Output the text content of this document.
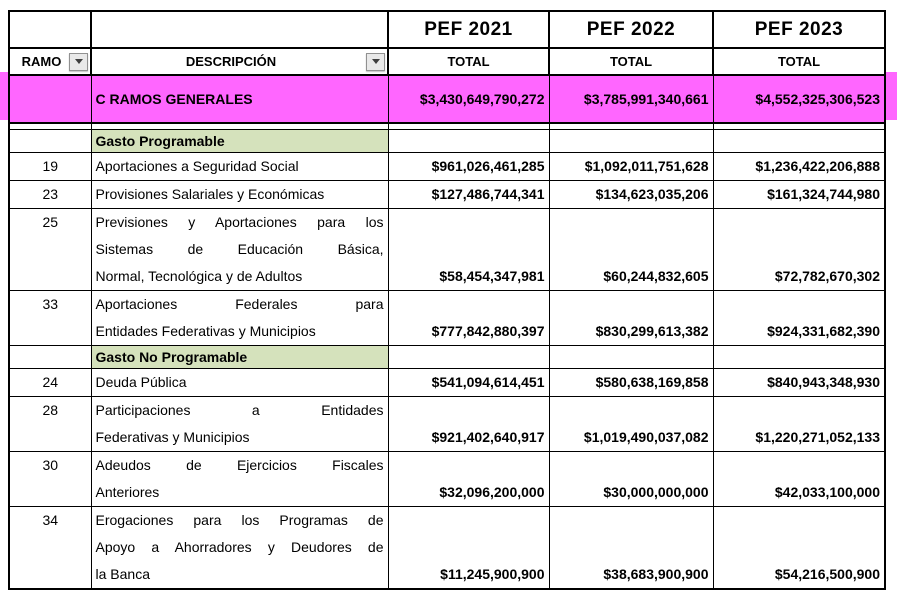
		PEF 2021	PEF 2022	PEF 2023

RAMO	DESCRIPCIÓN	TOTAL	TOTAL	TOTAL

	C RAMOS GENERALES	$3,430,649,790,272	$3,785,991,340,661	$4,552,325,306,523

	Gasto Programable			

19	Aportaciones a Seguridad Social	$961,026,461,285	$1,092,011,751,628	$1,236,422,206,888
23	Provisiones Salariales y Económicas	$127,486,744,341	$134,623,035,206	$161,324,744,980
25	Previsiones y Aportaciones para los
Sistemas de Educación Básica,
Normal, Tecnológica y de Adultos	$58,454,347,981	$60,244,832,605	$72,782,670,302
33	Aportaciones Federales para
Entidades Federativas y Municipios	$777,842,880,397	$830,299,613,382	$924,331,682,390

	Gasto No Programable			

24	Deuda Pública	$541,094,614,451	$580,638,169,858	$840,943,348,930
28	Participaciones a Entidades
Federativas y Municipios	$921,402,640,917	$1,019,490,037,082	$1,220,271,052,133
30	Adeudos de Ejercicios Fiscales
Anteriores	$32,096,200,000	$30,000,000,000	$42,033,100,000
34	Erogaciones para los Programas de
Apoyo a Ahorradores y Deudores de
la Banca	$11,245,900,900	$38,683,900,900	$54,216,500,900
